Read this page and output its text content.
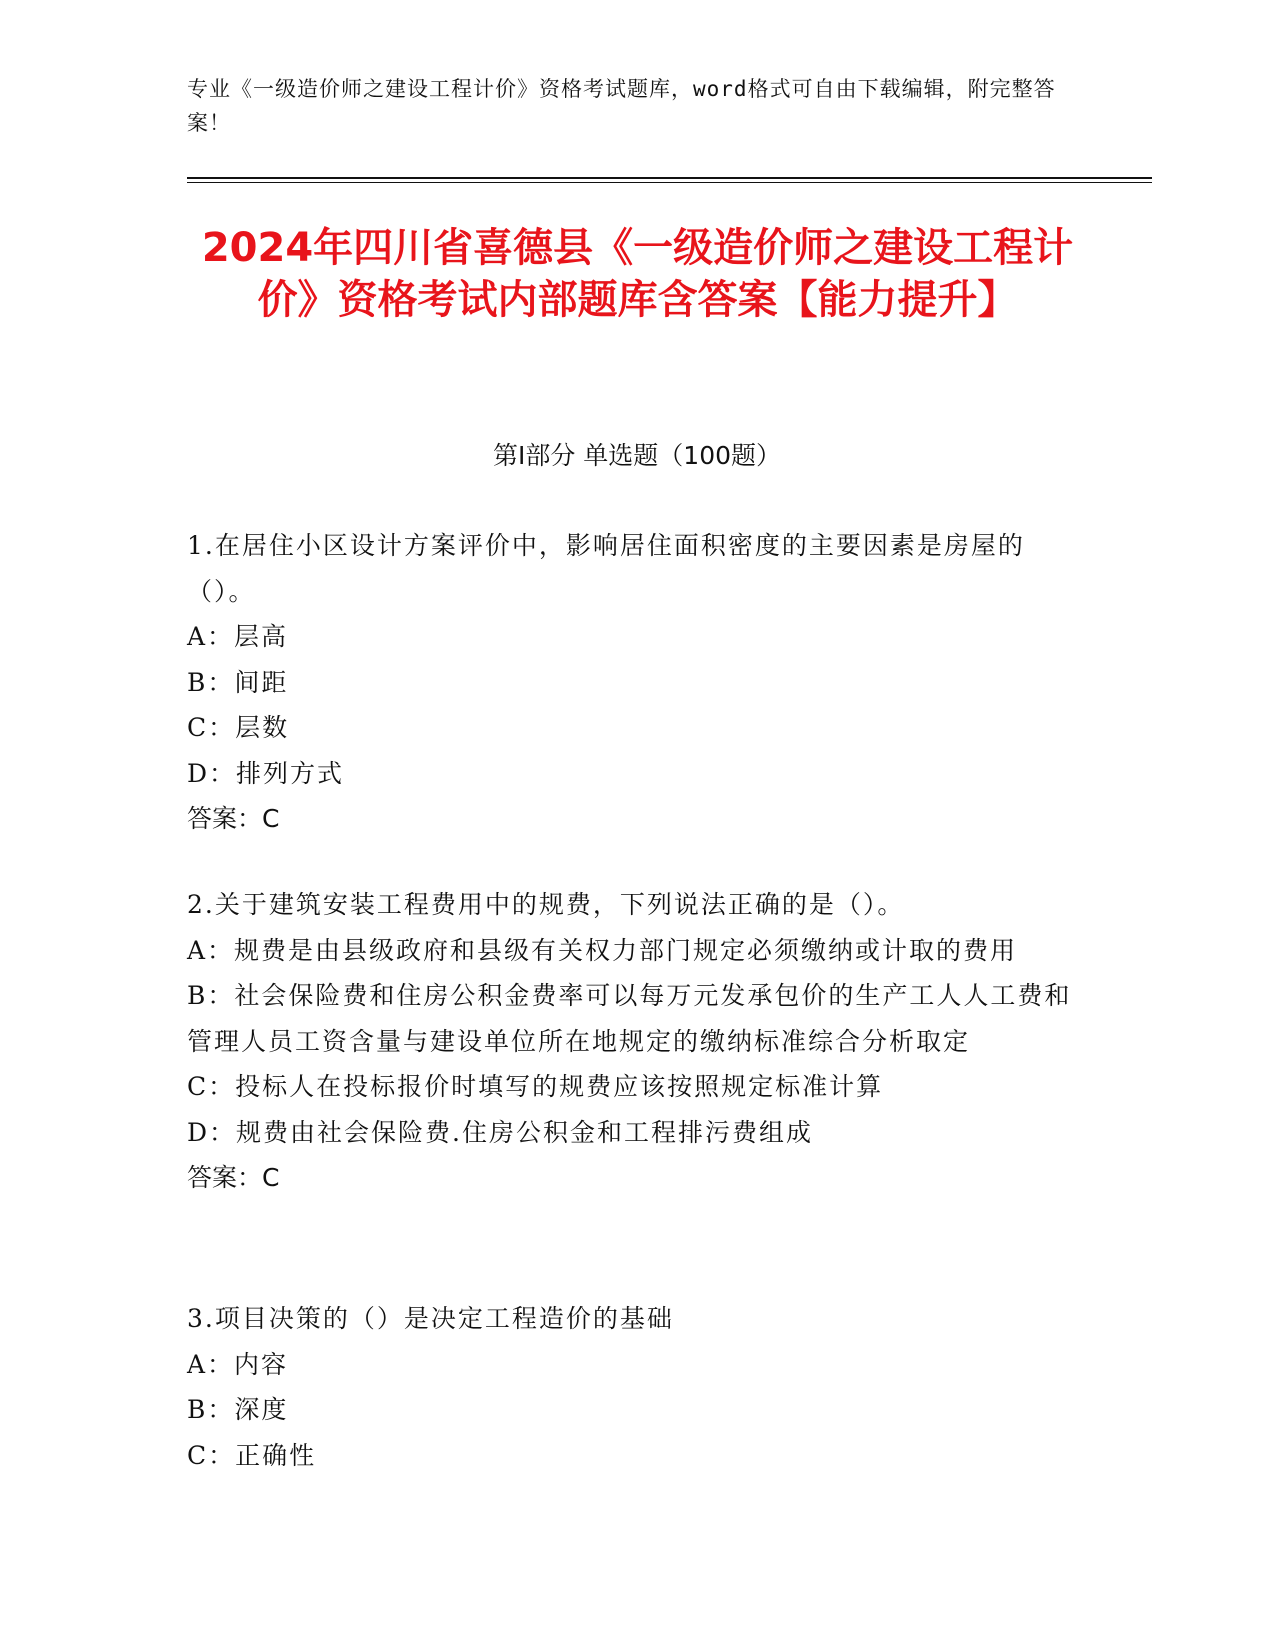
专业《一级造价师之建设工程计价》资格考试题库，word格式可自由下载编辑，附完整答案！
2024年四川省喜德县《一级造价师之建设工程计价》资格考试内部题库含答案【能力提升】
第Ⅰ部分 单选题（100题）
1.在居住小区设计方案评价中，影响居住面积密度的主要因素是房屋的（）。
A：层高
B：间距
C：层数
D：排列方式
答案：C
2.关于建筑安装工程费用中的规费，下列说法正确的是（）。
A：规费是由县级政府和县级有关权力部门规定必须缴纳或计取的费用
B：社会保险费和住房公积金费率可以每万元发承包价的生产工人人工费和管理人员工资含量与建设单位所在地规定的缴纳标准综合分析取定
C：投标人在投标报价时填写的规费应该按照规定标准计算
D：规费由社会保险费.住房公积金和工程排污费组成
答案：C
3.项目决策的（）是决定工程造价的基础
A：内容
B：深度
C：正确性
